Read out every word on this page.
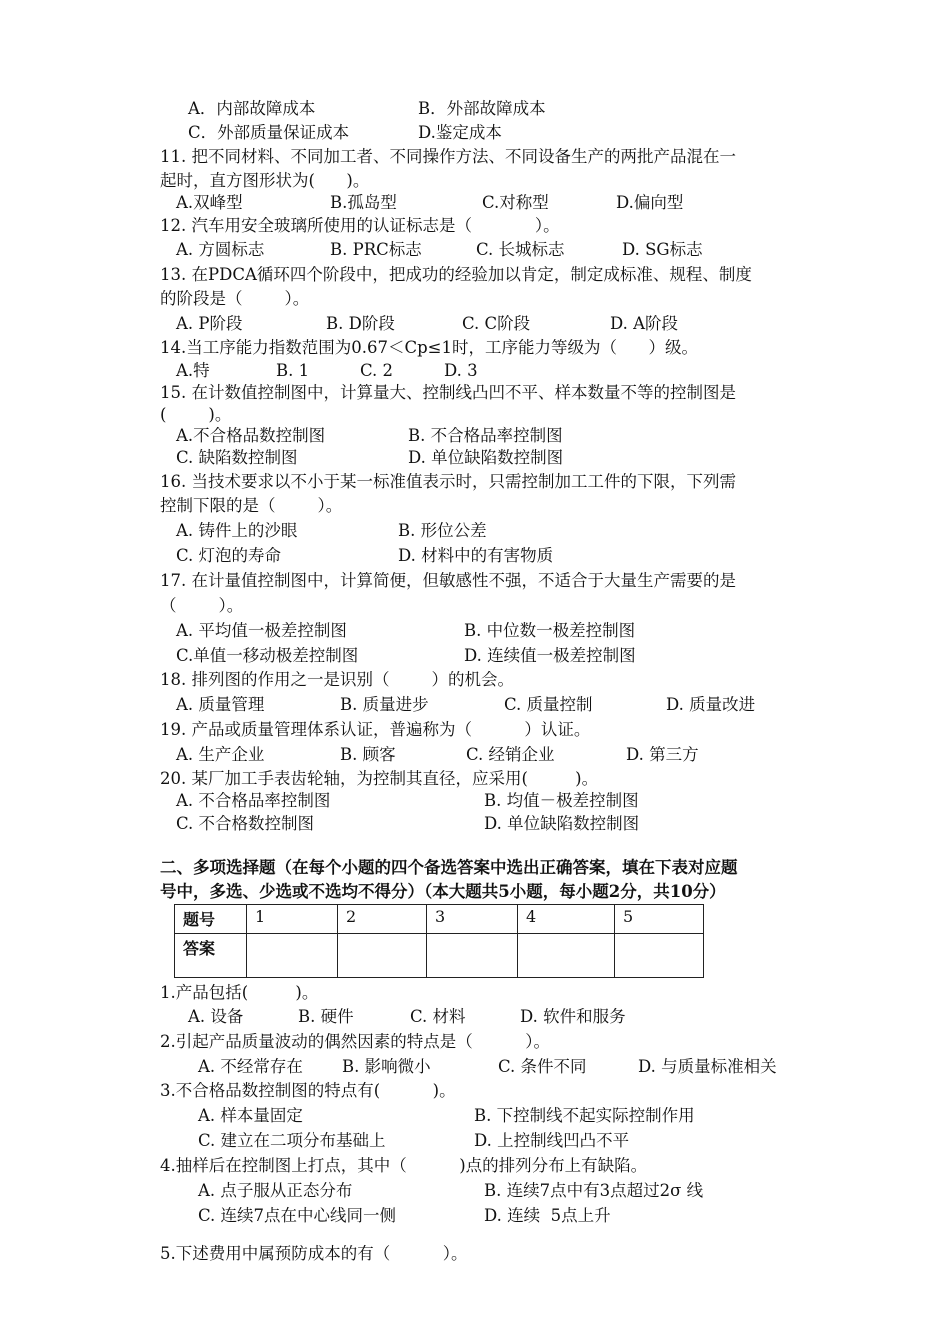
A．内部故障成本	B．外部故障成本
C．外部质量保证成本	D.鉴定成本
11. 把不同材料、不同加工者、不同操作方法、不同设备生产的两批产品混在一
起时，直方图形状为(      )。
A.双峰型	B.孤岛型	C.对称型	D.偏向型
12. 汽车用安全玻璃所使用的认证标志是（            ）。
A. 方圆标志	B. PRC标志	C. 长城标志	D. SG标志
13. 在PDCA循环四个阶段中，把成功的经验加以肯定，制定成标准、规程、制度
的阶段是（        ）。
A. P阶段	B. D阶段	C. C阶段	D. A阶段
14.当工序能力指数范围为0.67＜Cp≤1时，工序能力等级为（      ）级。
A.特	B. 1	C. 2	D. 3
15. 在计数值控制图中，计算量大、控制线凸凹不平、样本数量不等的控制图是
(        )。
A.不合格品数控制图	B. 不合格品率控制图
C. 缺陷数控制图	D. 单位缺陷数控制图
16. 当技术要求以不小于某一标准值表示时，只需控制加工工件的下限，下列需
控制下限的是（        ）。
A. 铸件上的沙眼	B. 形位公差
C. 灯泡的寿命	D. 材料中的有害物质
17. 在计量值控制图中，计算简便，但敏感性不强，不适合于大量生产需要的是
（        ）。
A. 平均值一极差控制图	B. 中位数一极差控制图
C.单值一移动极差控制图	D. 连续值一极差控制图
18. 排列图的作用之一是识别（        ）的机会。
A. 质量管理	B. 质量进步	C. 质量控制	D. 质量改进
19. 产品或质量管理体系认证，普遍称为（          ）认证。
A. 生产企业	B. 顾客	C. 经销企业	D. 第三方
20. 某厂加工手表齿轮轴，为控制其直径，应采用(         )。
A. 不合格品率控制图	B. 均值－极差控制图
C. 不合格数控制图	D. 单位缺陷数控制图
二、多项选择题（在每个小题的四个备选答案中选出正确答案，填在下表对应题
号中，多选、少选或不选均不得分）（本大题共5小题，每小题2分，共10分）
题号	1	2	3	4	5
答案					
1.产品包括(         )。
A. 设备	B. 硬件	C. 材料	D. 软件和服务
2.引起产品质量波动的偶然因素的特点是（          ）。
A. 不经常存在 B. 影响微小	C. 条件不同	D. 与质量标准相关
3.不合格品数控制图的特点有(          )。
A. 样本量固定	B. 下控制线不起实际控制作用
C. 建立在二项分布基础上	D. 上控制线凹凸不平
4.抽样后在控制图上打点，其中（          )点的排列分布上有缺陷。
A. 点子服从正态分布	B. 连续7点中有3点超过2σ 线
C. 连续7点在中心线同一侧	D. 连续  5点上升
5.下述费用中属预防成本的有（          ）。
